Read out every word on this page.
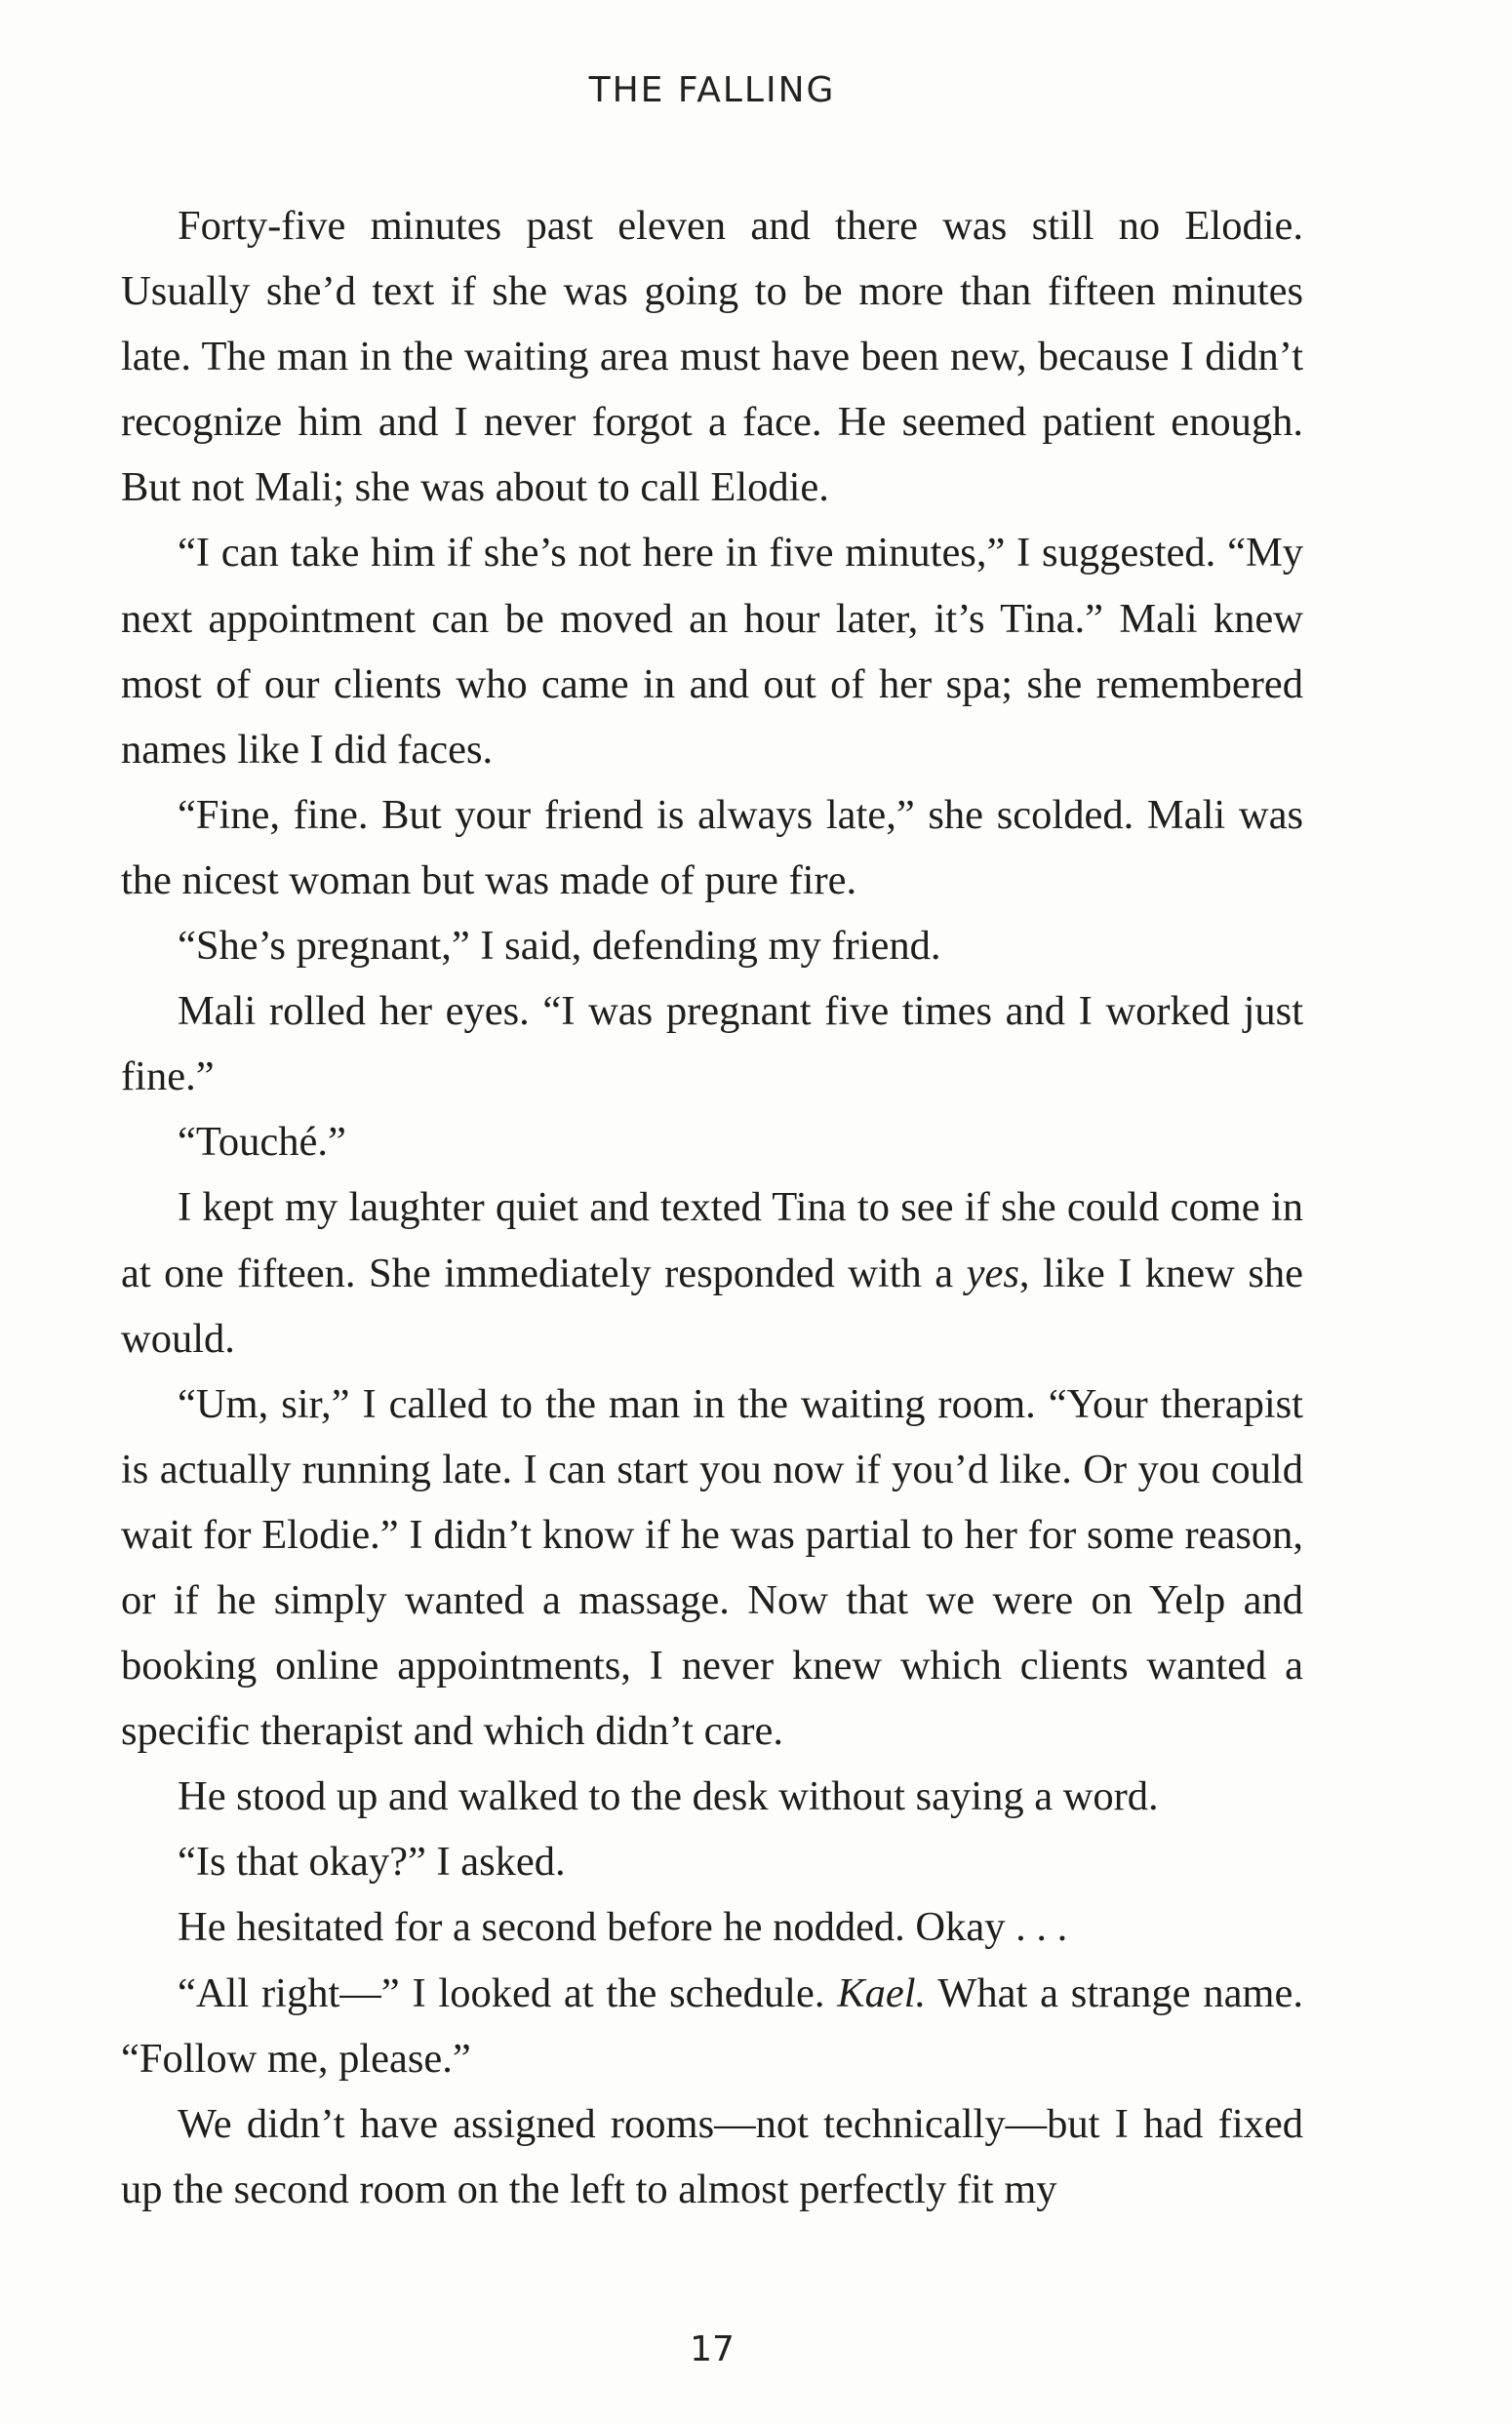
THE FALLING

Forty-five minutes past eleven and there was still no Elodie. Usually she’d text if she was going to be more than fifteen minutes late. The man in the waiting area must have been new, because I didn’t recognize him and I never forgot a face. He seemed patient enough. But not Mali; she was about to call Elodie.

“I can take him if she’s not here in five minutes,” I suggested. “My next appointment can be moved an hour later, it’s Tina.” Mali knew most of our clients who came in and out of her spa; she remembered names like I did faces.

“Fine, fine. But your friend is always late,” she scolded. Mali was the nicest woman but was made of pure fire.

“She’s pregnant,” I said, defending my friend.

Mali rolled her eyes. “I was pregnant five times and I worked just fine.”

“Touché.”

I kept my laughter quiet and texted Tina to see if she could come in at one fifteen. She immediately responded with a yes, like I knew she would.

“Um, sir,” I called to the man in the waiting room. “Your therapist is actually running late. I can start you now if you’d like. Or you could wait for Elodie.” I didn’t know if he was partial to her for some reason, or if he simply wanted a massage. Now that we were on Yelp and booking online appointments, I never knew which clients wanted a specific therapist and which didn’t care.

He stood up and walked to the desk without saying a word.

“Is that okay?” I asked.

He hesitated for a second before he nodded. Okay . . .

“All right—” I looked at the schedule. Kael. What a strange name. “Follow me, please.”

We didn’t have assigned rooms—not technically—but I had fixed up the second room on the left to almost perfectly fit my

17
